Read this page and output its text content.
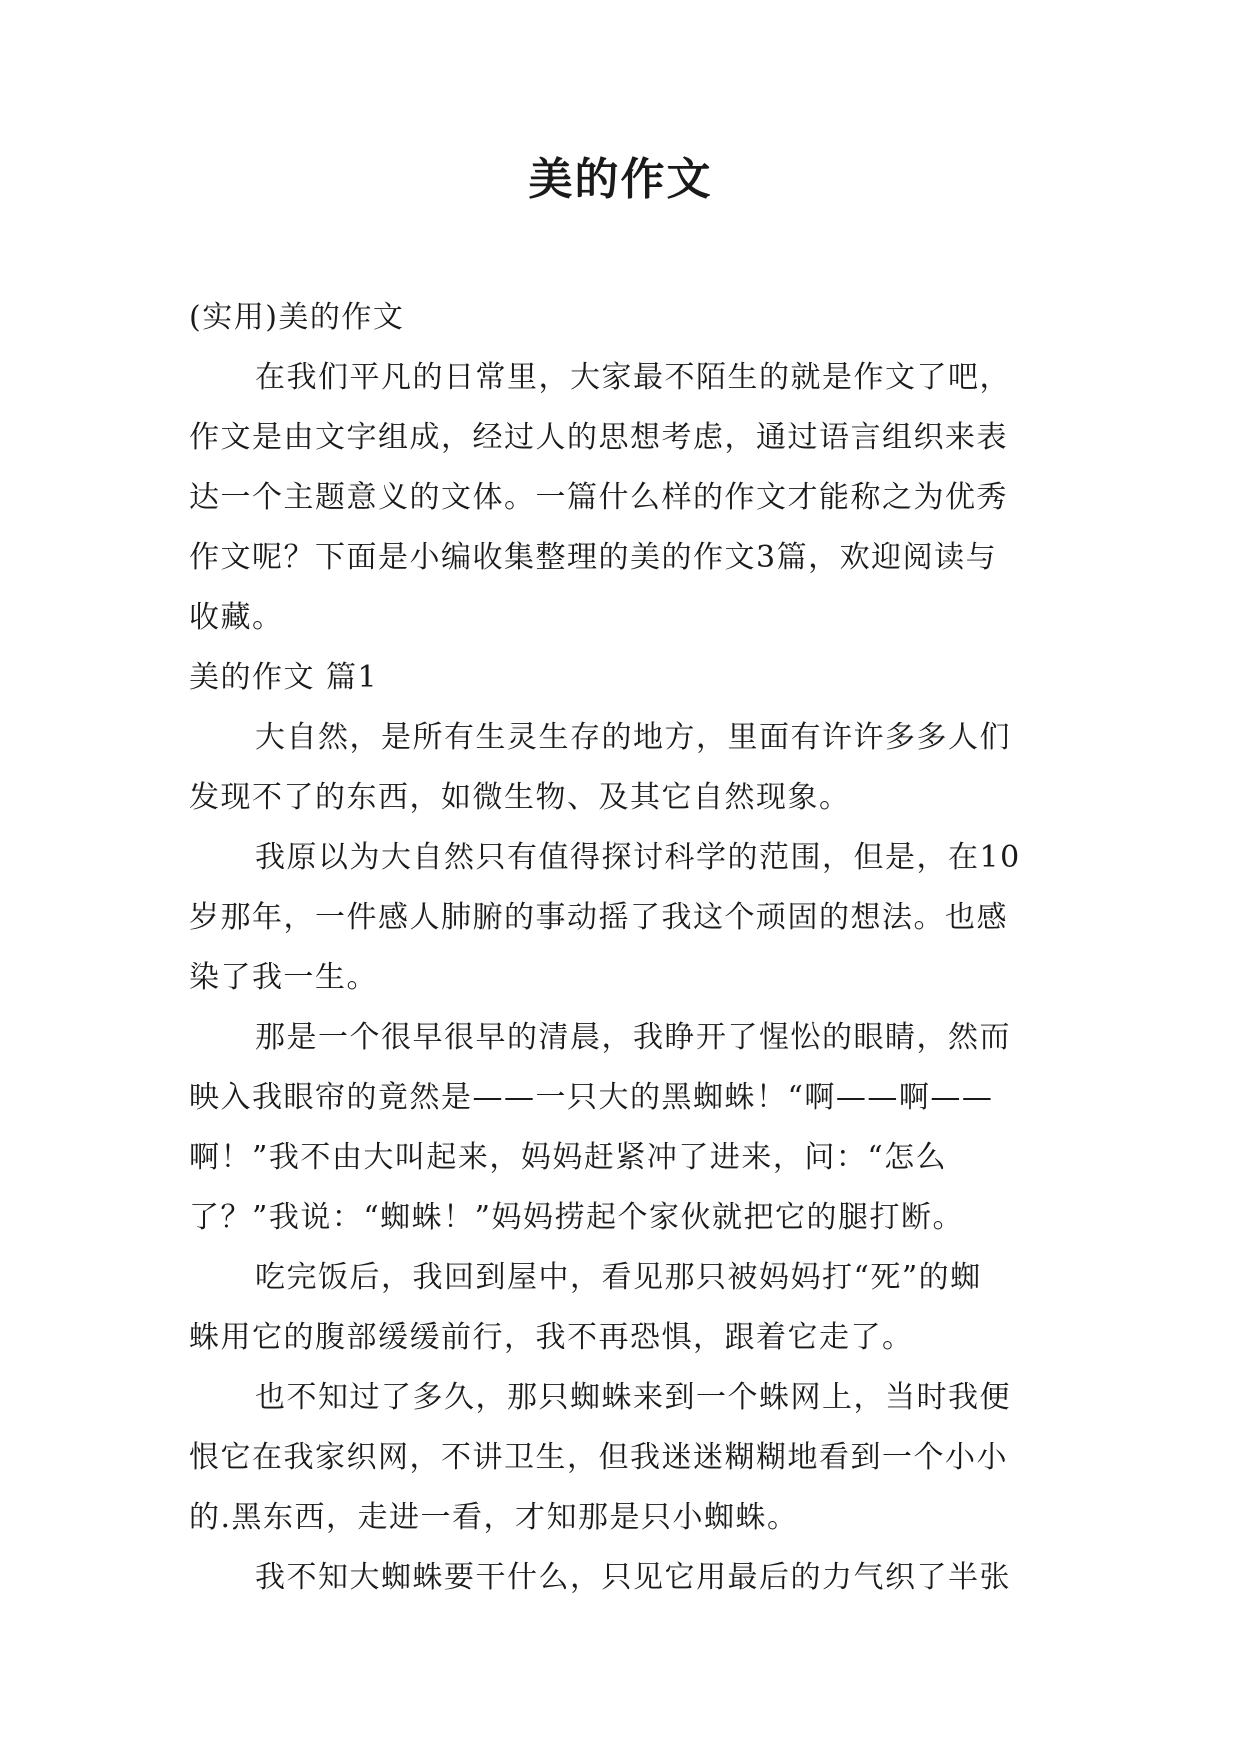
美的作文

(实用)美的作文

在我们平凡的日常里，大家最不陌生的就是作文了吧，

作文是由文字组成，经过人的思想考虑，通过语言组织来表

达一个主题意义的文体。一篇什么样的作文才能称之为优秀

作文呢？下面是小编收集整理的美的作文3篇，欢迎阅读与

收藏。

美的作文 篇1

大自然，是所有生灵生存的地方，里面有许许多多人们

发现不了的东西，如微生物、及其它自然现象。

我原以为大自然只有值得探讨科学的范围，但是，在10

岁那年，一件感人肺腑的事动摇了我这个顽固的想法。也感

染了我一生。

那是一个很早很早的清晨，我睁开了惺忪的眼睛，然而

映入我眼帘的竟然是——一只大的黑蜘蛛！“啊——啊——

啊！”我不由大叫起来，妈妈赶紧冲了进来，问：“怎么

了？”我说：“蜘蛛！”妈妈捞起个家伙就把它的腿打断。

吃完饭后，我回到屋中，看见那只被妈妈打“死”的蜘

蛛用它的腹部缓缓前行，我不再恐惧，跟着它走了。

也不知过了多久，那只蜘蛛来到一个蛛网上，当时我便

恨它在我家织网，不讲卫生，但我迷迷糊糊地看到一个小小

的.黑东西，走进一看，才知那是只小蜘蛛。

我不知大蜘蛛要干什么，只见它用最后的力气织了半张
